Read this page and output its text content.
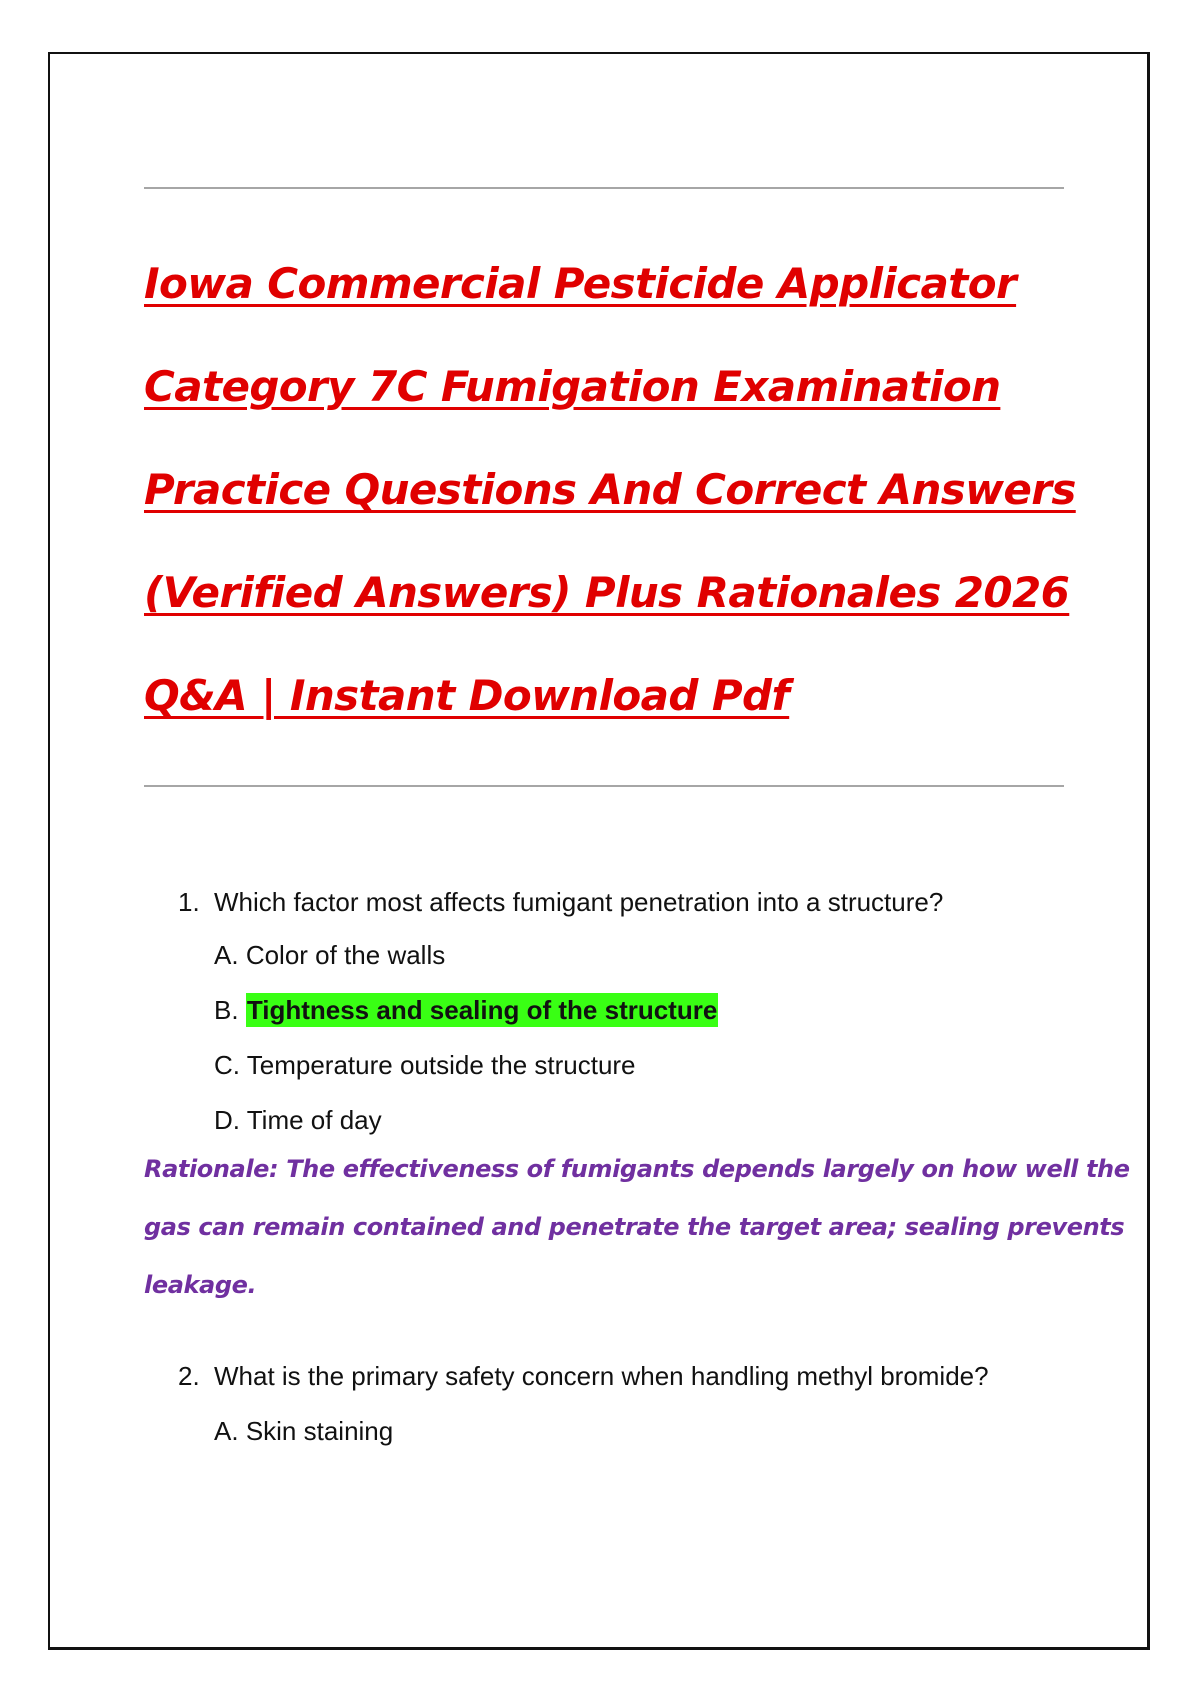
Iowa Commercial Pesticide Applicator
Category 7C Fumigation Examination
Practice Questions And Correct Answers
(Verified Answers) Plus Rationales 2026
Q&A | Instant Download Pdf
1. Which factor most affects fumigant penetration into a structure?
A. Color of the walls
B. Tightness and sealing of the structure
C. Temperature outside the structure
D. Time of day
Rationale: The effectiveness of fumigants depends largely on how well the
gas can remain contained and penetrate the target area; sealing prevents
leakage.
2. What is the primary safety concern when handling methyl bromide?
A. Skin staining
